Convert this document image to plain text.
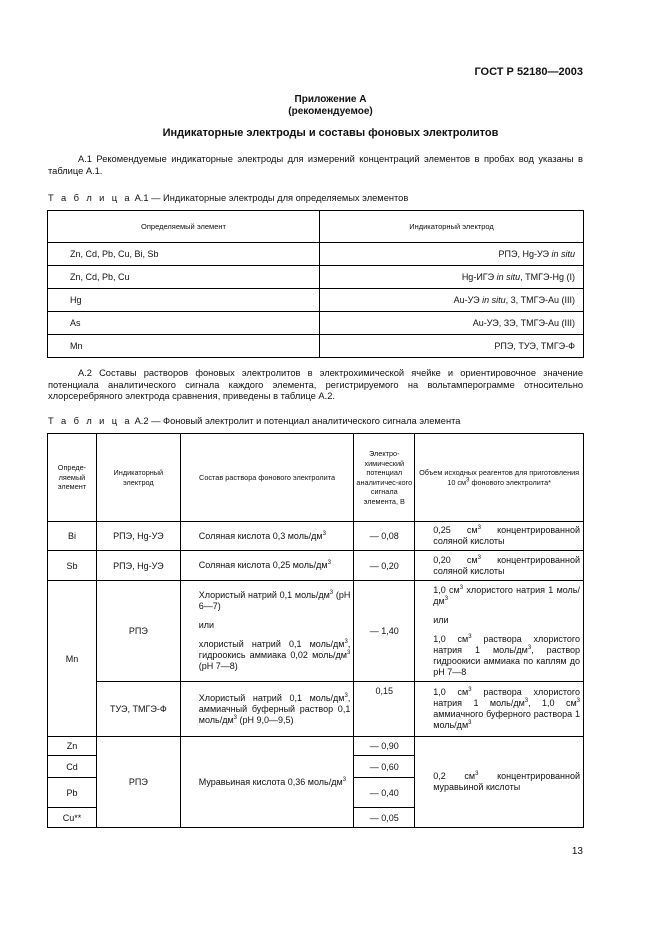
ГОСТ Р 52180—2003
Приложение А
(рекомендуемое)
Индикаторные электроды и составы фоновых электролитов
А.1 Рекомендуемые индикаторные электроды для измерений концентраций элементов в пробах вод указаны в таблице А.1.
Т а б л и ц а А.1 — Индикаторные электроды для определяемых элементов
Определяемый элемент	Индикаторный электрод
Zn, Cd, Pb, Cu, Bi, Sb	РПЭ, Hg-УЭ in situ
Zn, Cd, Pb, Cu	Hg-ИГЭ in situ, ТМГЭ-Hg (I)
Hg	Au-УЭ in situ, 3, ТМГЭ-Au (III)
As	Au-УЭ, ЗЭ, ТМГЭ-Au (III)
Mn	РПЭ, ТУЭ, ТМГЭ-Ф
А.2 Составы растворов фоновых электролитов в электрохимической ячейке и ориентировочное значение потенциала аналитического сигнала каждого элемента, регистрируемого на вольтамперограмме относительно хлорсеребряного электрода сравнения, приведены в таблице А.2.
Т а б л и ц а А.2 — Фоновый электролит и потенциал аналитического сигнала элемента
Опреде-ляемый элемент	Индикаторный электрод	Состав раствора фонового электролита	Электро-химический потенциал аналитичес-кого сигнала элемента, В	Объем исходных реагентов для приготовления
10 $см^3$ фонового электролита*
Bi	РПЭ, Hg-УЭ	Соляная кислота 0,3 моль/$дм^3$	— 0,08	0,25 $см^3$ концентрированной соляной кислоты
Sb	РПЭ, Hg-УЭ	Соляная кислота 0,25 моль/$дм^3$	— 0,20	0,20 $см^3$ концентрированной соляной кислоты
Mn	РПЭ	Хлористый натрий 0,1 моль/$дм^3$ (рН 6—7)
или
хлористый натрий 0,1 моль/$дм^3$, гидроокись аммиака 0,02 моль/$дм^3$ (рН 7—8)	— 1,40	1,0 $см^3$ хлористого натрия 1 моль/$дм^3$
или
1,0 $см^3$ раствора хлористого натрия 1 моль/$дм^3$, раствор гидроокиси аммиака по каплям до рН 7—8
	ТУЭ, ТМГЭ-Ф	Хлористый натрий 0,1 моль/$дм^3$, аммиачный буферный раствор 0,1 моль/$дм^3$ (рН 9,0—9,5)	0,15	1,0 $см^3$ раствора хлористого натрия 1 моль/$дм^3$, 1,0 $см^3$ аммиачного буферного раствора 1 моль/$дм^3$
Zn	РПЭ	Муравьиная кислота 0,36 моль/$дм^3$	— 0,90	0,2 $см^3$ концентрированной муравьиной кислоты
Cd			— 0,60	
Pb			— 0,40	
Cu**			— 0,05	
13
